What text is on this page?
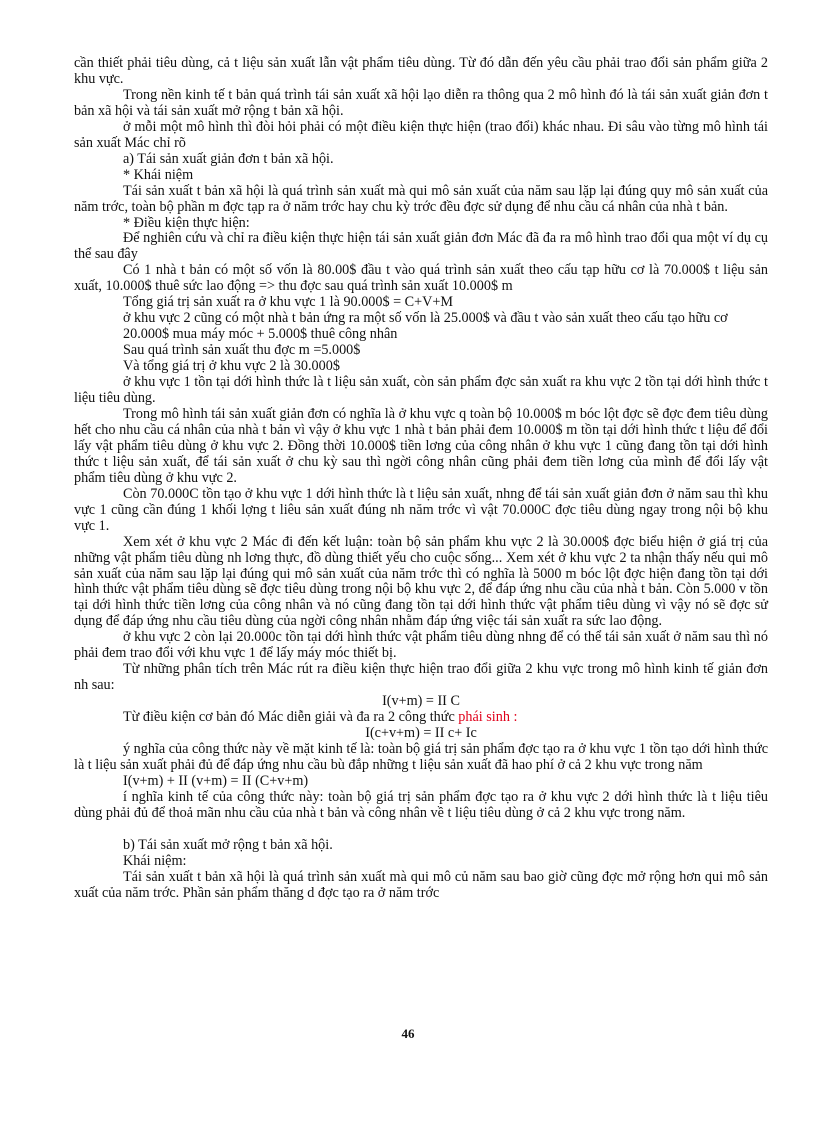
cần thiết phải tiêu dùng, cả t liệu sản xuất lẫn vật phẩm tiêu dùng. Từ đó dẫn đến yêu cầu phải trao đổi sản phẩm giữa 2 khu vực.

Trong nền kinh tế t bản quá trình tái sản xuất xã hội lạo diễn ra thông qua 2 mô hình đó là tái sản xuất giản đơn t bản xã hội và tái sản xuất mở rộng t bản xã hội.

ở mỗi một mô hình thì đòi hỏi phải có một điều kiện thực hiện (trao đổi) khác nhau. Đi sâu vào từng mô hình tái sản xuất Mác chỉ rõ

a) Tái sản xuất giản đơn t bản xã hội.

* Khái niệm

Tái sản xuất t bản xã hội là quá trình sản xuất mà qui mô sản xuất của năm sau lặp lại đúng quy mô sản xuất của năm trớc, toàn bộ phần m đợc tạp ra ở năm trớc hay chu kỳ trớc đều đợc sử dụng để nhu cầu cá nhân của nhà t bản.

* Điều kiện thực hiện:

Để nghiên cứu và chỉ ra điều kiện thực hiện tái sản xuất giản đơn Mác đã đa ra mô hình trao đổi qua một ví dụ cụ thể sau đây

Có 1 nhà t bản có một số vốn là 80.00$ đầu t vào quá trình sản xuất theo cấu tạp hữu cơ là 70.000$ t liệu sản xuất, 10.000$ thuê sức lao động => thu đợc sau quá trình sản xuất 10.000$ m

Tổng giá trị sản xuất ra ở khu vực 1 là 90.000$ = C+V+M

ở khu vực 2 cũng có một nhà t bản ứng ra một số vốn là 25.000$ và đầu t vào sản xuất theo cấu tạo hữu cơ

20.000$ mua máy móc + 5.000$ thuê công nhân

Sau quá trình sản xuất thu đợc m =5.000$

Và tổng giá trị ở khu vực 2 là 30.000$

ở khu vực 1 tồn tại dới hình thức là t liệu sản xuất, còn sản phẩm đợc sản xuất ra khu vực 2 tồn tại dới hình thức t liệu tiêu dùng.

Trong mô hình tái sản xuất giản đơn có nghĩa là ở khu vực q toàn bộ 10.000$ m bóc lột đợc sẽ đợc đem tiêu dùng hết cho nhu cầu cá nhân của nhà t bản vì vậy ở khu vực 1 nhà t bản phải đem 10.000$ m tồn tại dới hình thức t liệu để đổi lấy vật phẩm tiêu dùng ở khu vực 2. Đồng thời 10.000$ tiền lơng của công nhân ở khu vực 1 cũng đang tồn tại dới hình thức t liệu sản xuất, để tái sản xuất ở chu kỳ sau thì ngời công nhân cũng phải đem tiền lơng của mình để đổi lấy vật phẩm tiêu dùng ở khu vực 2.

Còn 70.000C tồn tạo ở khu vực 1 dới hình thức là t liệu sản xuất, nhng để tái sản xuất giản đơn ở năm sau thì khu vực 1 cũng cần đúng 1 khối lợng t liêu sản xuất đúng nh năm trớc vì vật 70.000C đợc tiêu dùng ngay trong nội bộ khu vực 1.

Xem xét ở khu vực 2 Mác đi đến kết luận: toàn bộ sản phẩm khu vực 2 là 30.000$ đợc biểu hiện ở giá trị của những vật phẩm tiêu dùng nh lơng thực, đồ dùng thiết yếu cho cuộc sống... Xem xét ở khu vực 2 ta nhận thấy nếu qui mô sản xuất của năm sau lặp lại đúng qui mô sản xuất của năm trớc thì có nghĩa là 5000 m bóc lột đợc hiện đang tồn tại dới hình thức vật phẩm tiêu dùng sẽ đợc tiêu dùng trong nội bộ khu vực 2, để đáp ứng nhu cầu của nhà t bản. Còn 5.000 v tồn tại dới hình thức tiền lơng của công nhân và nó cũng đang tồn tại dới hình thức vật phẩm tiêu dùng vì vậy nó sẽ đợc sử dụng để đáp ứng nhu cầu tiêu dùng của ngời công nhân nhằm đáp ứng việc tái sản xuất ra sức lao động.

ở khu vực 2 còn lại 20.000c tồn tại dới hình thức vật phẩm tiêu dùng nhng để có thể tái sản xuất ở năm sau thì nó phải đem trao đổi với khu vực 1 để lấy máy móc thiết bị.

Từ những phân tích trên Mác rút ra điều kiện thực hiện trao đổi giữa 2 khu vực trong mô hình kinh tế giản đơn nh sau:

I(v+m) = II C

Từ điều kiện cơ bản đó Mác diễn giải và đa ra 2 công thức phái sinh :

I(c+v+m) = II c+ Ic

ý nghĩa của công thức này về mặt kinh tế là: toàn bộ giá trị sản phẩm đợc tạo ra ở khu vực 1 tồn tạo dới hình thức là t liệu sản xuất phải đủ để đáp ứng nhu cầu bù đắp những t liệu sản xuất đã hao phí ở cả 2 khu vực trong năm

I(v+m) + II (v+m) = II (C+v+m)

í nghĩa kinh tế của công thức này: toàn bộ giá trị sản phẩm đợc tạo ra ở khu vực 2 dới hình thức là t liệu tiêu dùng phải đủ để thoả mãn nhu cầu của nhà t bản và công nhân về t liệu tiêu dùng ở cả 2 khu vực trong năm.

b) Tái sản xuất mở rộng t bản xã hội.

Khái niệm:

Tái sản xuất t bản xã hội là quá trình sản xuất mà qui mô củ năm sau bao giờ cũng đợc mở rộng hơn qui mô sản xuất của năm trớc. Phần sản phẩm thăng d đợc tạo ra ở năm trớc

46
